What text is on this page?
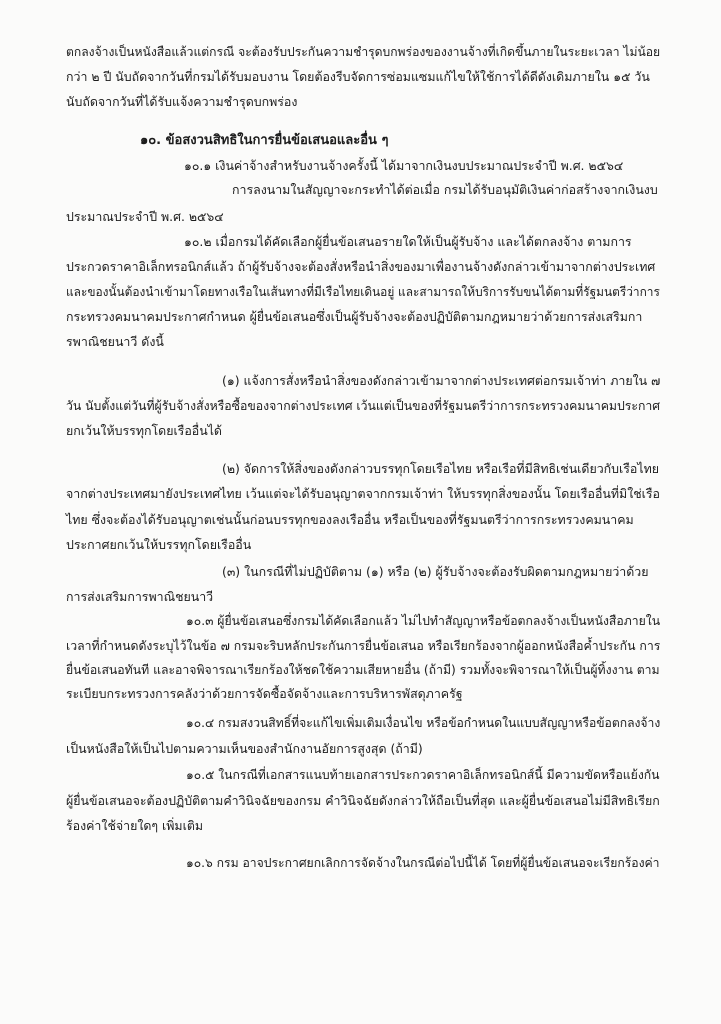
ตกลงจ้างเป็นหนังสือแล้วแต่กรณี จะต้องรับประกันความชำรุดบกพร่องของงานจ้างที่เกิดขึ้นภายในระยะเวลา ไม่น้อย
กว่า ๒ ปี นับถัดจากวันที่กรมได้รับมอบงาน โดยต้องรีบจัดการซ่อมแซมแก้ไขให้ใช้การได้ดีดังเดิมภายใน ๑๕ วัน
นับถัดจากวันที่ได้รับแจ้งความชำรุดบกพร่อง
๑๐. ข้อสงวนสิทธิในการยื่นข้อเสนอและอื่น ๆ
๑๐.๑ เงินค่าจ้างสำหรับงานจ้างครั้งนี้ ได้มาจากเงินงบประมาณประจำปี พ.ศ. ๒๕๖๔
การลงนามในสัญญาจะกระทำได้ต่อเมื่อ กรมได้รับอนุมัติเงินค่าก่อสร้างจากเงินงบ
ประมาณประจำปี พ.ศ. ๒๕๖๔
๑๐.๒ เมื่อกรมได้คัดเลือกผู้ยื่นข้อเสนอรายใดให้เป็นผู้รับจ้าง และได้ตกลงจ้าง ตามการ
ประกวดราคาอิเล็กทรอนิกส์แล้ว ถ้าผู้รับจ้างจะต้องสั่งหรือนำสิ่งของมาเพื่องานจ้างดังกล่าวเข้ามาจากต่างประเทศ
และของนั้นต้องนำเข้ามาโดยทางเรือในเส้นทางที่มีเรือไทยเดินอยู่ และสามารถให้บริการรับขนได้ตามที่รัฐมนตรีว่าการ
กระทรวงคมนาคมประกาศกำหนด ผู้ยื่นข้อเสนอซึ่งเป็นผู้รับจ้างจะต้องปฏิบัติตามกฎหมายว่าด้วยการส่งเสริมกา
รพาณิชยนาวี ดังนี้
(๑) แจ้งการสั่งหรือนำสิ่งของดังกล่าวเข้ามาจากต่างประเทศต่อกรมเจ้าท่า ภายใน ๗
วัน นับตั้งแต่วันที่ผู้รับจ้างสั่งหรือซื้อของจากต่างประเทศ เว้นแต่เป็นของที่รัฐมนตรีว่าการกระทรวงคมนาคมประกาศ
ยกเว้นให้บรรทุกโดยเรืออื่นได้
(๒) จัดการให้สิ่งของดังกล่าวบรรทุกโดยเรือไทย หรือเรือที่มีสิทธิเช่นเดียวกับเรือไทย
จากต่างประเทศมายังประเทศไทย เว้นแต่จะได้รับอนุญาตจากกรมเจ้าท่า ให้บรรทุกสิ่งของนั้น โดยเรืออื่นที่มิใช่เรือ
ไทย ซึ่งจะต้องได้รับอนุญาตเช่นนั้นก่อนบรรทุกของลงเรืออื่น หรือเป็นของที่รัฐมนตรีว่าการกระทรวงคมนาคม
ประกาศยกเว้นให้บรรทุกโดยเรืออื่น
(๓) ในกรณีที่ไม่ปฏิบัติตาม (๑) หรือ (๒) ผู้รับจ้างจะต้องรับผิดตามกฎหมายว่าด้วย
การส่งเสริมการพาณิชยนาวี
๑๐.๓ ผู้ยื่นข้อเสนอซึ่งกรมได้คัดเลือกแล้ว ไม่ไปทำสัญญาหรือข้อตกลงจ้างเป็นหนังสือภายใน
เวลาที่กำหนดดังระบุไว้ในข้อ ๗ กรมจะริบหลักประกันการยื่นข้อเสนอ หรือเรียกร้องจากผู้ออกหนังสือค้ำประกัน การ
ยื่นข้อเสนอทันที และอาจพิจารณาเรียกร้องให้ชดใช้ความเสียหายอื่น (ถ้ามี) รวมทั้งจะพิจารณาให้เป็นผู้ทิ้งงาน ตาม
ระเบียบกระทรวงการคลังว่าด้วยการจัดซื้อจัดจ้างและการบริหารพัสดุภาครัฐ
๑๐.๔ กรมสงวนสิทธิ์ที่จะแก้ไขเพิ่มเติมเงื่อนไข หรือข้อกำหนดในแบบสัญญาหรือข้อตกลงจ้าง
เป็นหนังสือให้เป็นไปตามความเห็นของสำนักงานอัยการสูงสุด (ถ้ามี)
๑๐.๕ ในกรณีที่เอกสารแนบท้ายเอกสารประกวดราคาอิเล็กทรอนิกส์นี้ มีความขัดหรือแย้งกัน
ผู้ยื่นข้อเสนอจะต้องปฏิบัติตามคำวินิจฉัยของกรม คำวินิจฉัยดังกล่าวให้ถือเป็นที่สุด และผู้ยื่นข้อเสนอไม่มีสิทธิเรียก
ร้องค่าใช้จ่ายใดๆ เพิ่มเติม
๑๐.๖ กรม อาจประกาศยกเลิกการจัดจ้างในกรณีต่อไปนี้ได้ โดยที่ผู้ยื่นข้อเสนอจะเรียกร้องค่า
